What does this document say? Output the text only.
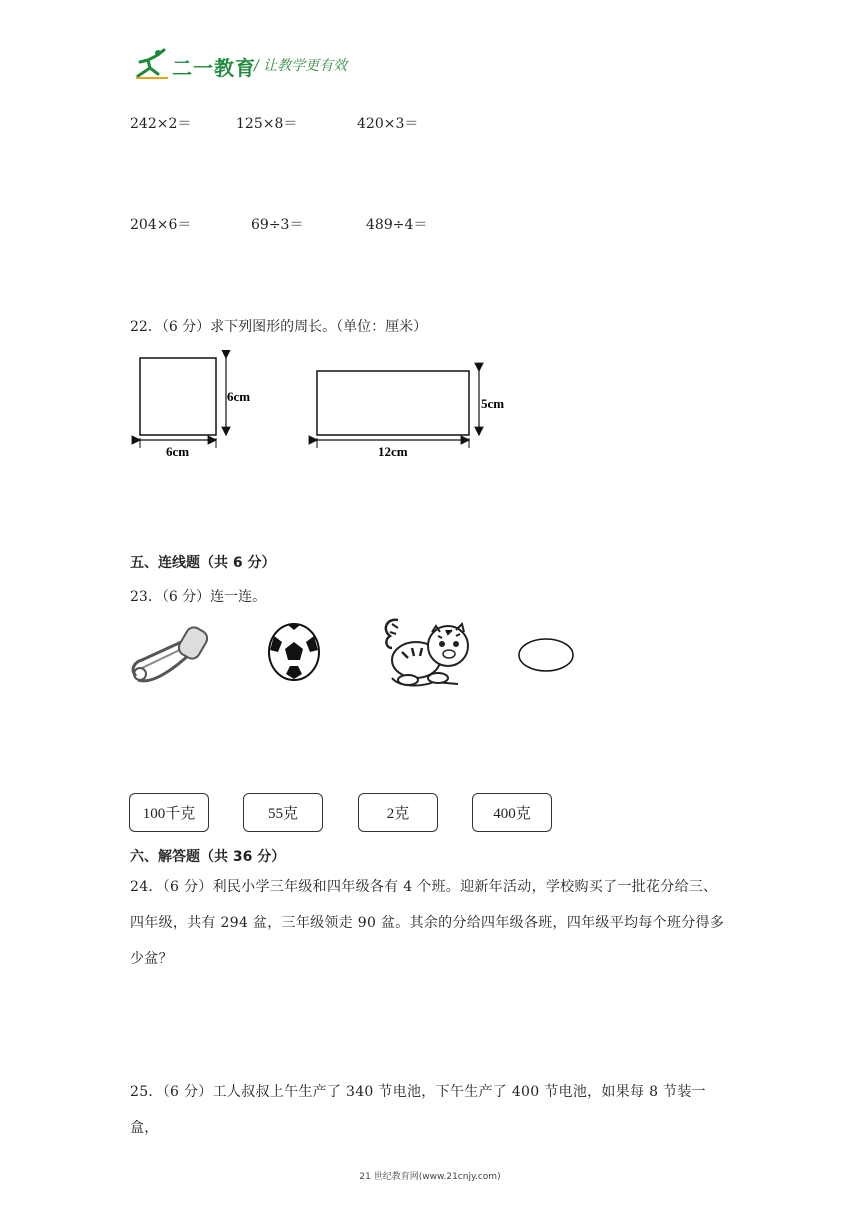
二一教育
/ 让教学更有效
242×2＝	125×8＝	420×3＝
204×6＝	69÷3＝	489÷4＝
22．（6 分）求下列图形的周长。（单位：厘米）
6cm
6cm
5cm
12cm
五、连线题（共 6 分）
23．（6 分）连一连。
100千克	55克	2克	400克
六、解答题（共 36 分）
24．（6 分）利民小学三年级和四年级各有 4 个班。迎新年活动，学校购买了一批花分给三、四年级，共有 294 盆，三年级领走 90 盆。其余的分给四年级各班，四年级平均每个班分得多少盆？
25．（6 分）工人叔叔上午生产了 340 节电池，下午生产了 400 节电池，如果每 8 节装一盒，
21 世纪教育网(www.21cnjy.com)
